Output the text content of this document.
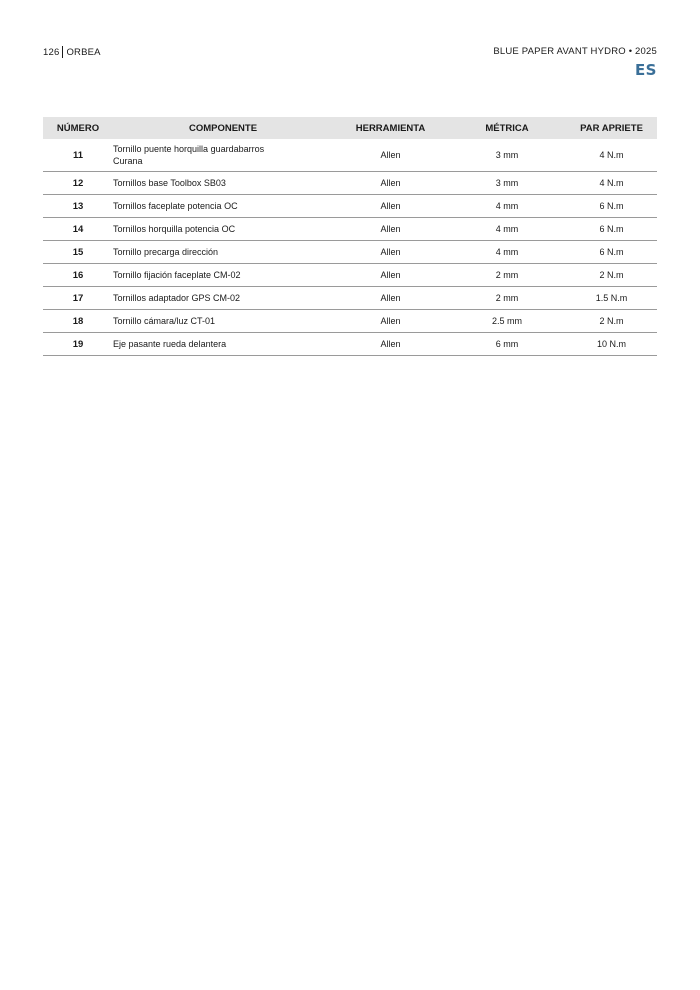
126 ORBEA	BLUE PAPER AVANT HYDRO • 2025
ES
NÚMERO	COMPONENTE	HERRAMIENTA	MÉTRICA	PAR APRIETE
11	Tornillo puente horquilla guardabarros Curana	Allen	3 mm	4 N.m
12	Tornillos base Toolbox SB03	Allen	3 mm	4 N.m
13	Tornillos faceplate potencia OC	Allen	4 mm	6 N.m
14	Tornillos horquilla potencia OC	Allen	4 mm	6 N.m
15	Tornillo precarga dirección	Allen	4 mm	6 N.m
16	Tornillo fijación faceplate CM-02	Allen	2 mm	2 N.m
17	Tornillos adaptador GPS CM-02	Allen	2 mm	1.5 N.m
18	Tornillo cámara/luz CT-01	Allen	2.5 mm	2 N.m
19	Eje pasante rueda delantera	Allen	6 mm	10 N.m
